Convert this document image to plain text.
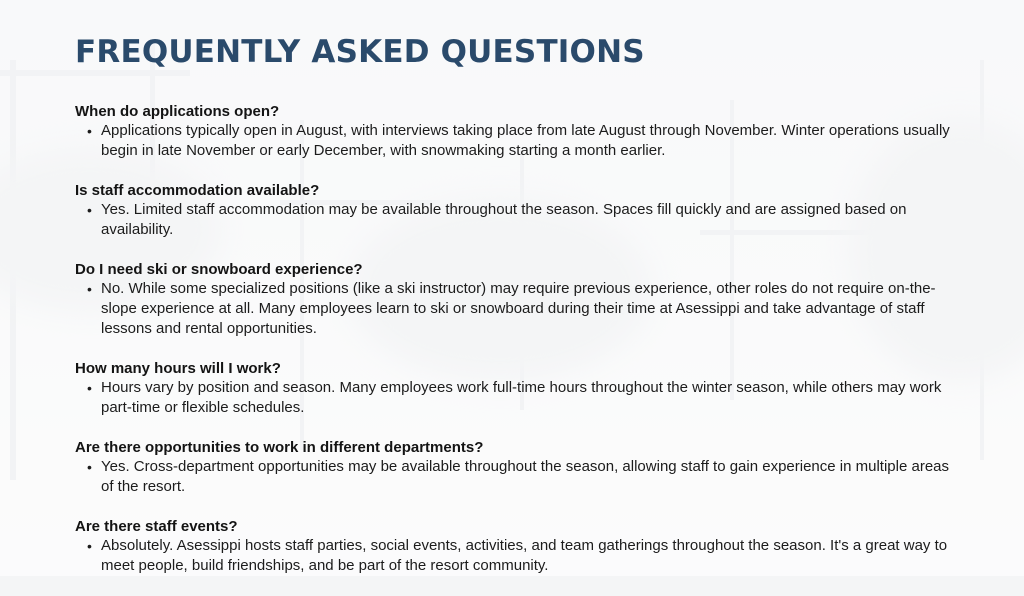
FREQUENTLY ASKED QUESTIONS

When do applications open?

• Applications typically open in August, with interviews taking place from late August through November. Winter operations usually begin in late November or early December, with snowmaking starting a month earlier.

Is staff accommodation available?

• Yes. Limited staff accommodation may be available throughout the season. Spaces fill quickly and are assigned based on availability.

Do I need ski or snowboard experience?

• No. While some specialized positions (like a ski instructor) may require previous experience, other roles do not require on-the-slope experience at all. Many employees learn to ski or snowboard during their time at Asessippi and take advantage of staff lessons and rental opportunities.

How many hours will I work?

• Hours vary by position and season. Many employees work full-time hours throughout the winter season, while others may work part-time or flexible schedules.

Are there opportunities to work in different departments?

• Yes. Cross-department opportunities may be available throughout the season, allowing staff to gain experience in multiple areas of the resort.

Are there staff events?

• Absolutely. Asessippi hosts staff parties, social events, activities, and team gatherings throughout the season. It's a great way to meet people, build friendships, and be part of the resort community.
